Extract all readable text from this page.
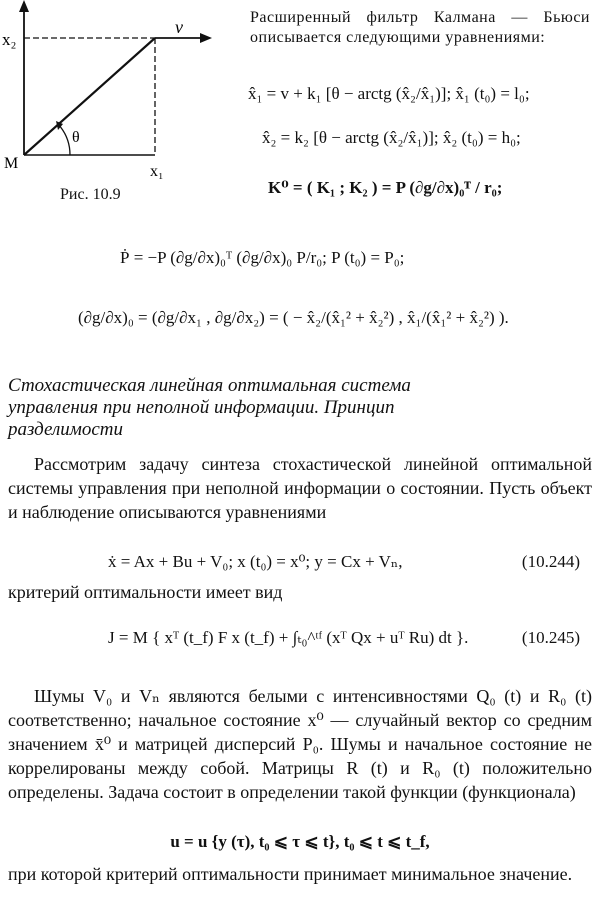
x₂
v
θ
M	x₁
Рис. 10.9
Расширенный фильтр Калмана — Бьюси описывается следующими уравнениями:
x̂₁ = v + k₁ [θ − arctg (x̂₂/x̂₁)]; x̂₁ (t₀) = l₀;
x̂₂ = k₂ [θ − arctg (x̂₂/x̂₁)]; x̂₂ (t₀) = h₀;
K⁰ = ( K₁ ; K₂ ) = P (∂g/∂x)₀ᵀ / r₀;
Ṗ = −P (∂g/∂x)₀ᵀ (∂g/∂x)₀ P/r₀; P (t₀) = P₀;
(∂g/∂x)₀ = (∂g/∂x₁ , ∂g/∂x₂) = ( − x̂₂/(x̂₁² + x̂₂²) , x̂₁/(x̂₁² + x̂₂²) ).
Стохастическая линейная оптимальная система управления при неполной информации. Принцип разделимости
Рассмотрим задачу синтеза стохастической линейной оптимальной системы управления при неполной информации о состоянии. Пусть объект и наблюдение описываются уравнениями
ẋ = Ax + Bu + V₀; x (t₀) = x⁰; y = Cx + Vₙ,	(10.244)
критерий оптимальности имеет вид
J = M { xᵀ (t_f) F x (t_f) + ∫ₜ₀^ᵗᶠ (xᵀ Qx + uᵀ Ru) dt }.	(10.245)
Шумы V₀ и Vₙ являются белыми с интенсивностями Q₀ (t) и R₀ (t) соответственно; начальное состояние x⁰ — случайный вектор со средним значением x̄⁰ и матрицей дисперсий P₀. Шумы и начальное состояние не коррелированы между собой. Матрицы R (t) и R₀ (t) положительно определены. Задача состоит в определении такой функции (функционала)
u = u {y (τ), t₀ ⩽ τ ⩽ t}, t₀ ⩽ t ⩽ t_f,
при которой критерий оптимальности принимает минимальное значение.
